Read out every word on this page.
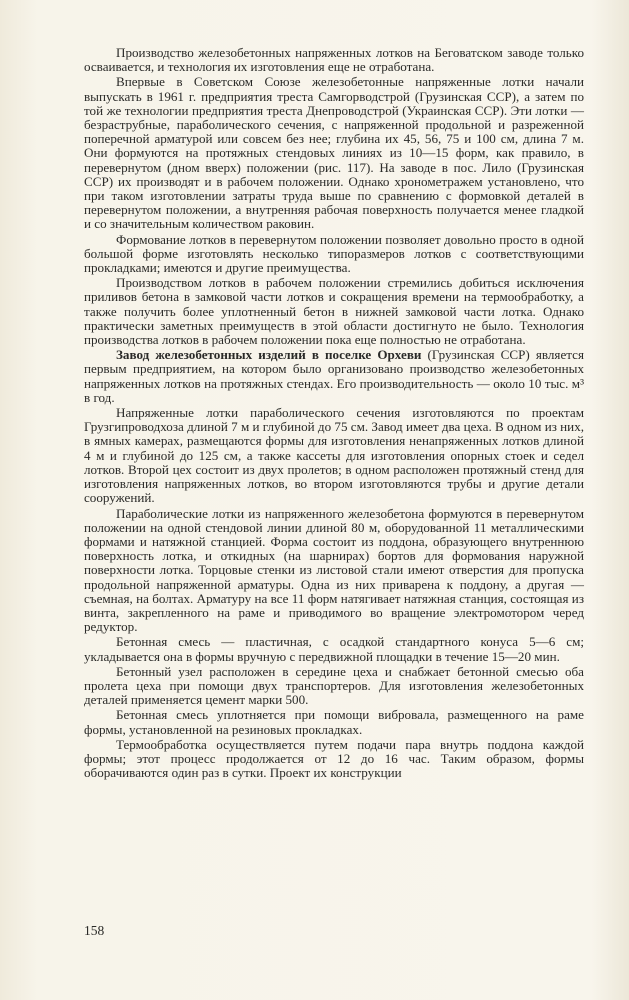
Производство железобетонных напряженных лотков на Беговатском заводе только осваивается, и технология их изготовления еще не отработана.

Впервые в Советском Союзе железобетонные напряженные лотки начали выпускать в 1961 г. предприятия треста Самгорводстрой (Грузинская ССР), а затем по той же технологии предприятия треста Днепроводстрой (Украинская ССР). Эти лотки — безраструбные, параболического сечения, с напряженной продольной и разреженной поперечной арматурой или совсем без нее; глубина их 45, 56, 75 и 100 см, длина 7 м. Они формуются на протяжных стендовых линиях из 10—15 форм, как правило, в перевернутом (дном вверх) положении (рис. 117). На заводе в пос. Лило (Грузинская ССР) их производят и в рабочем положении. Однако хронометражем установлено, что при таком изготовлении затраты труда выше по сравнению с формовкой деталей в перевернутом положении, а внутренняя рабочая поверхность получается менее гладкой и со значительным количеством раковин.

Формование лотков в перевернутом положении позволяет довольно просто в одной большой форме изготовлять несколько типоразмеров лотков с соответствующими прокладками; имеются и другие преимущества.

Производством лотков в рабочем положении стремились добиться исключения приливов бетона в замковой части лотков и сокращения времени на термообработку, а также получить более уплотненный бетон в нижней замковой части лотка. Однако практически заметных преимуществ в этой области достигнуто не было. Технология производства лотков в рабочем положении пока еще полностью не отработана.

Завод железобетонных изделий в поселке Орхеви (Грузинская ССР) является первым предприятием, на котором было организовано производство железобетонных напряженных лотков на протяжных стендах. Его производительность — около 10 тыс. м³ в год.

Напряженные лотки параболического сечения изготовляются по проектам Грузгипроводхоза длиной 7 м и глубиной до 75 см. Завод имеет два цеха. В одном из них, в ямных камерах, размещаются формы для изготовления ненапряженных лотков длиной 4 м и глубиной до 125 см, а также кассеты для изготовления опорных стоек и седел лотков. Второй цех состоит из двух пролетов; в одном расположен протяжный стенд для изготовления напряженных лотков, во втором изготовляются трубы и другие детали сооружений.

Параболические лотки из напряженного железобетона формуются в перевернутом положении на одной стендовой линии длиной 80 м, оборудованной 11 металлическими формами и натяжной станцией. Форма состоит из поддона, образующего внутреннюю поверхность лотка, и откидных (на шарнирах) бортов для формования наружной поверхности лотка. Торцовые стенки из листовой стали имеют отверстия для пропуска продольной напряженной арматуры. Одна из них приварена к поддону, а другая — съемная, на болтах. Арматуру на все 11 форм натягивает натяжная станция, состоящая из винта, закрепленного на раме и приводимого во вращение электромотором черед редуктор.

Бетонная смесь — пластичная, с осадкой стандартного конуса 5—6 см; укладывается она в формы вручную с передвижной площадки в течение 15—20 мин.

Бетонный узел расположен в середине цеха и снабжает бетонной смесью оба пролета цеха при помощи двух транспортеров. Для изготовления железобетонных деталей применяется цемент марки 500.

Бетонная смесь уплотняется при помощи вибровала, размещенного на раме формы, установленной на резиновых прокладках.

Термообработка осуществляется путем подачи пара внутрь поддона каждой формы; этот процесс продолжается от 12 до 16 час. Таким образом, формы оборачиваются один раз в сутки. Проект их конструкции

158
